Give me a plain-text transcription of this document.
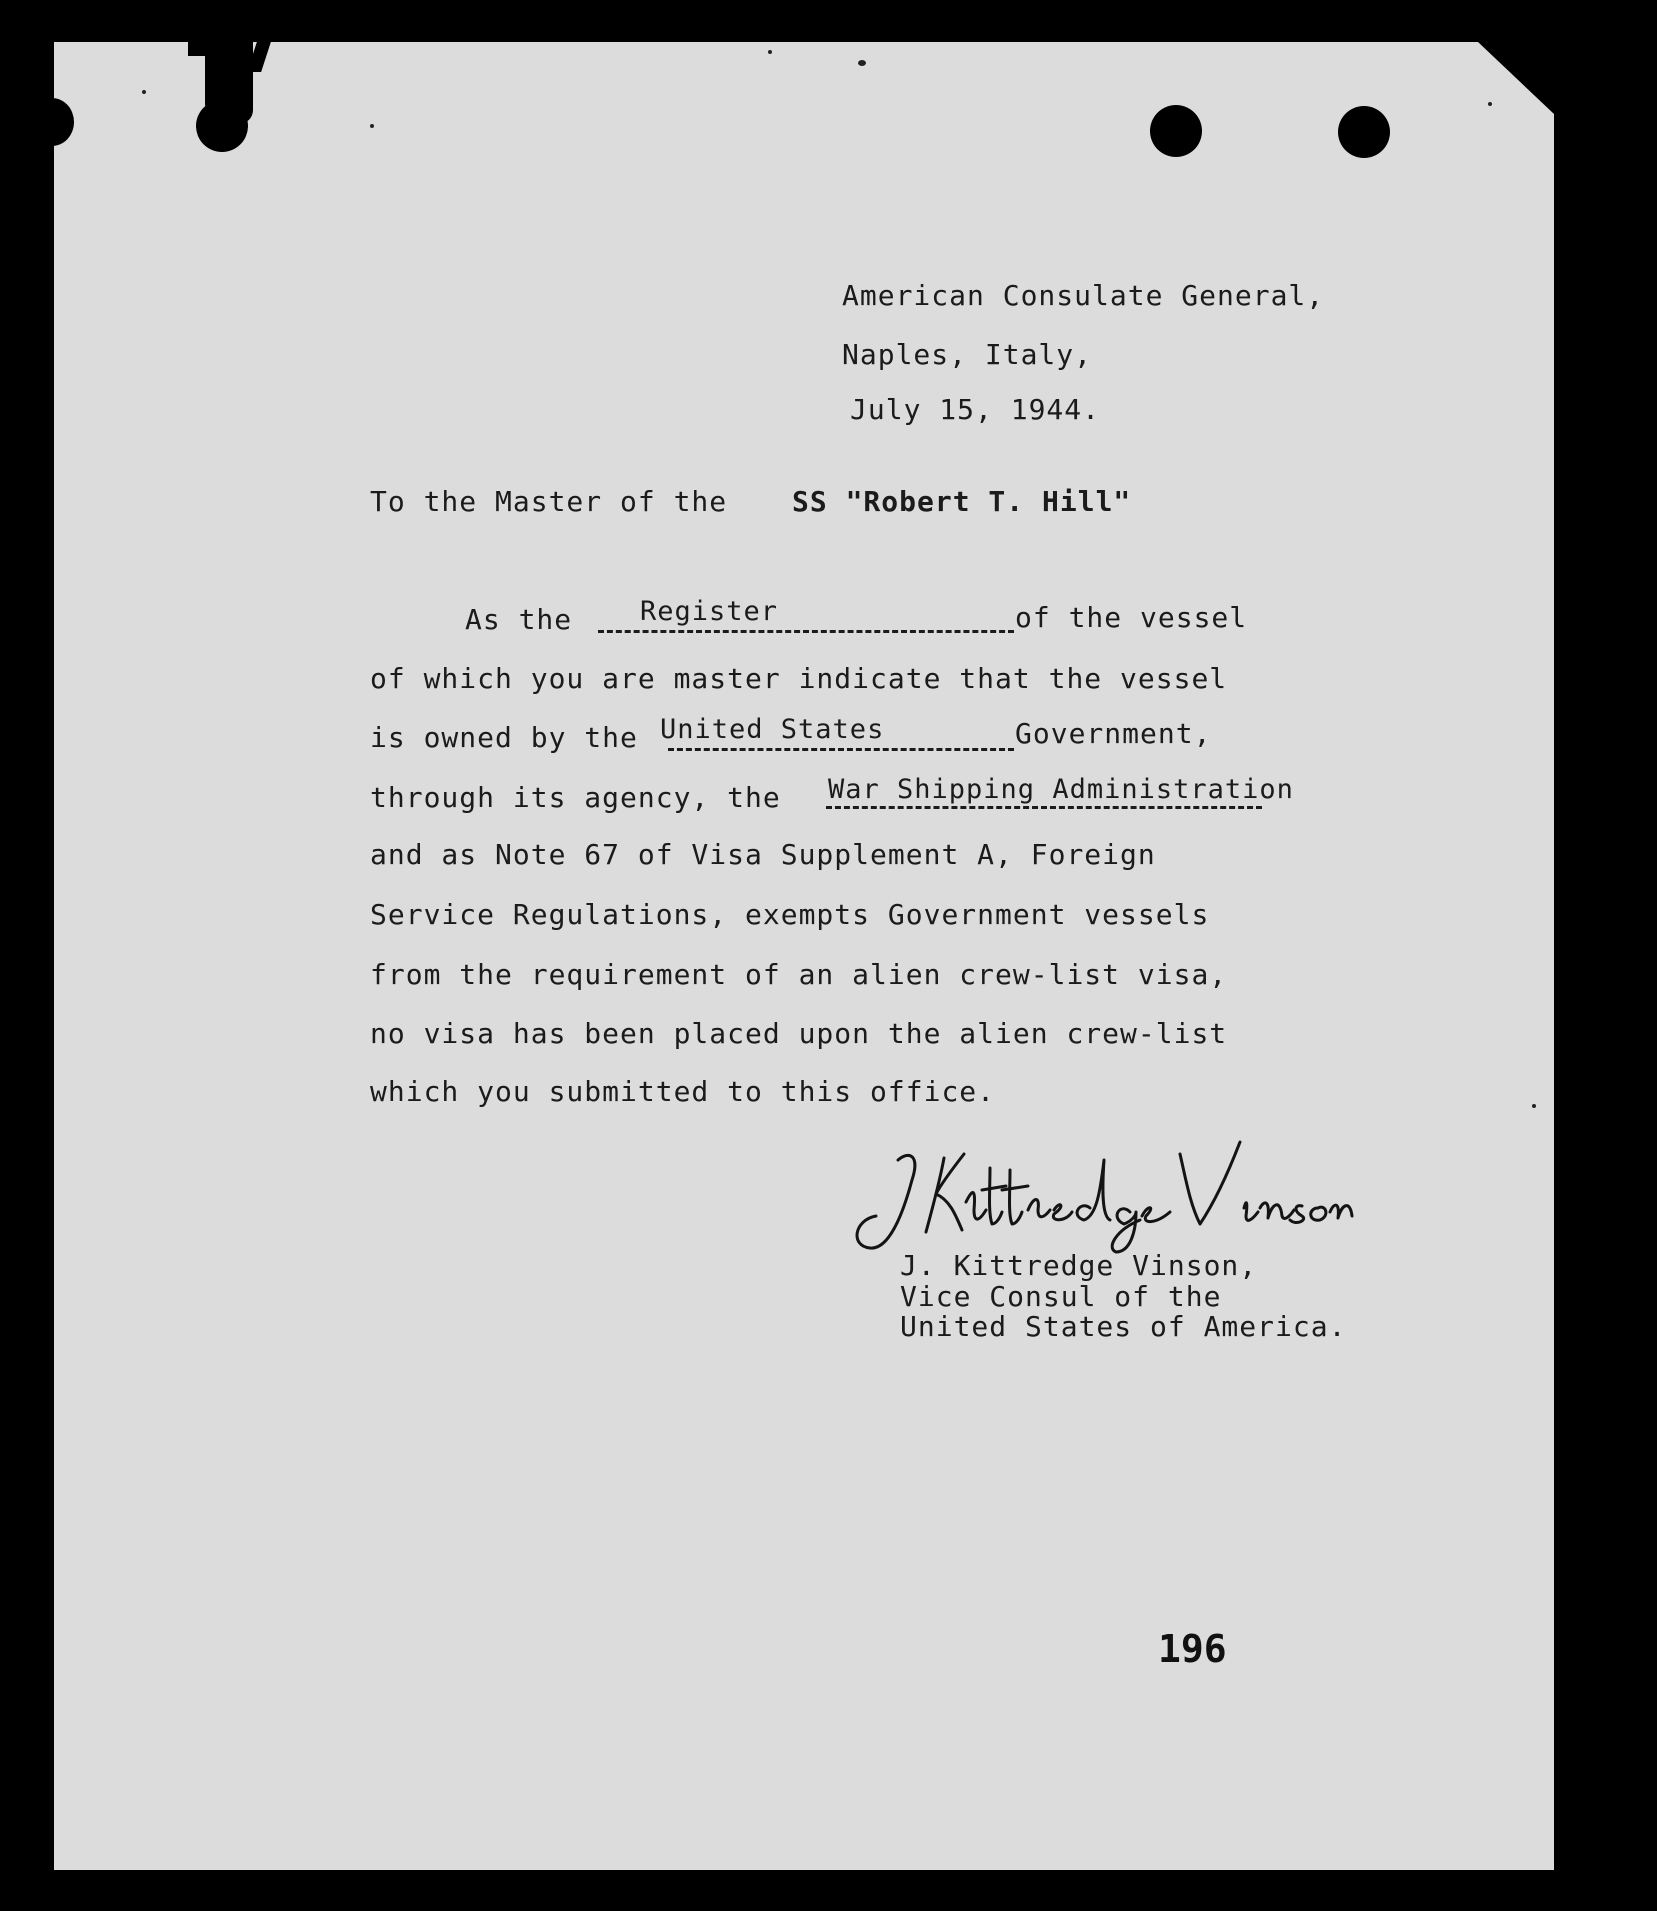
American Consulate General,
Naples, Italy,
July 15, 1944.
To the Master of the SS "Robert T. Hill"
As the	Register	of the vessel
of which you are master indicate that the vessel
is owned by the United States	Government,
through its agency, the War Shipping Administration
and as Note 67 of Visa Supplement A, Foreign
Service Regulations, exempts Government vessels
from the requirement of an alien crew-list visa,
no visa has been placed upon the alien crew-list
which you submitted to this office.
J. Kittredge Vinson,
Vice Consul of the
United States of America.
196
